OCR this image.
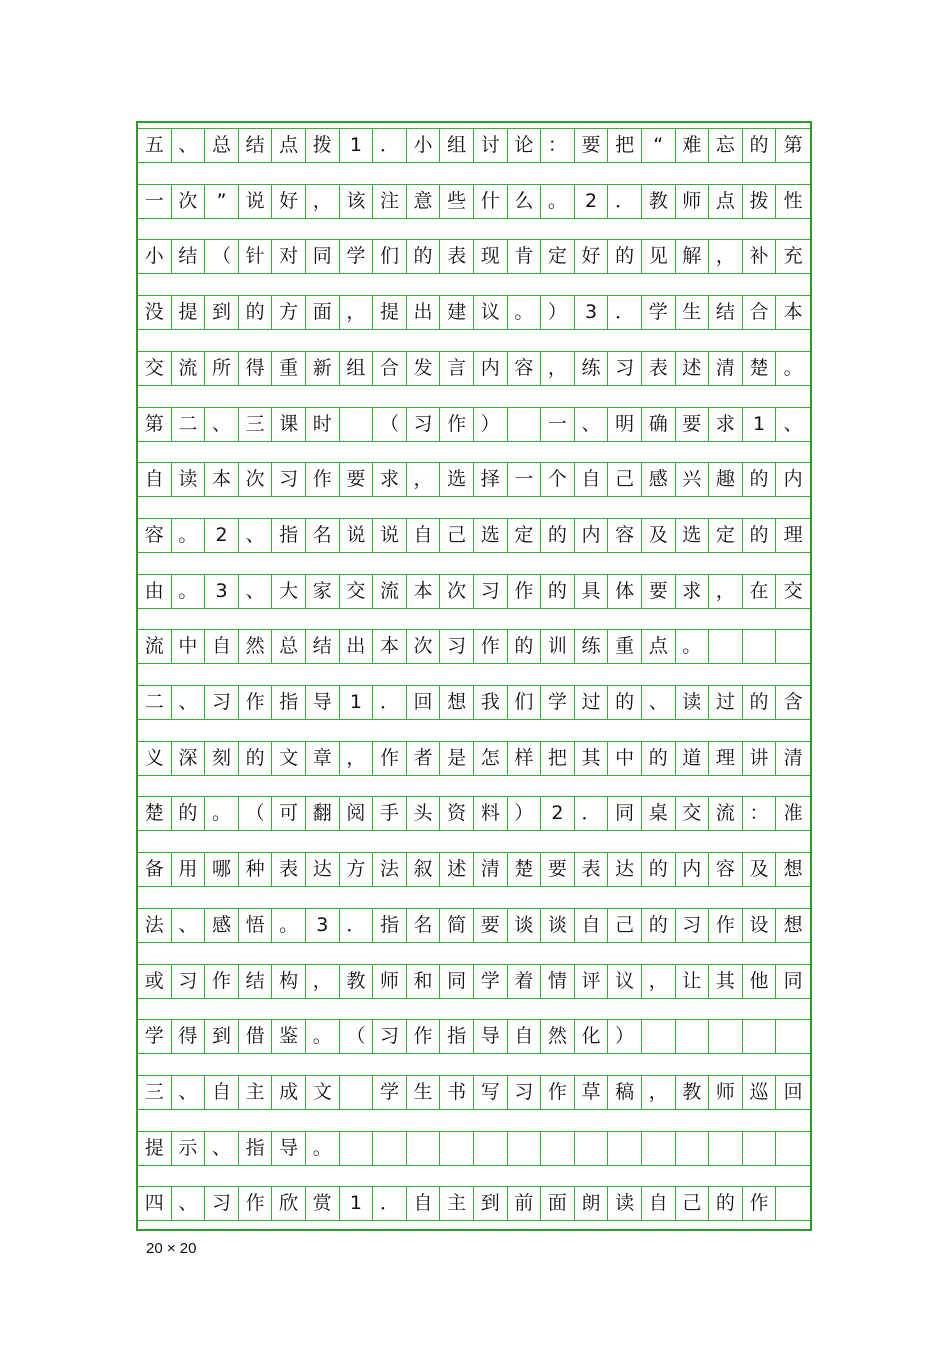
五 、 总 结 点 拨 1 ． 小 组 讨 论 ： 要 把	“	难 忘 的 第
一 次	”	说 好 ， 该 注 意 些 什 么 。 2 ． 教 师 点 拨 性
小 结 （ 针 对 同 学 们 的 表 现 肯 定 好 的 见 解 ， 补 充
没 提 到 的 方 面 ， 提 出 建 议 。 ） 3 ． 学 生 结 合 本
交 流 所 得 重 新 组 合 发 言 内 容 ， 练 习 表 述 清 楚 。
第 二 、 三 课 时	（ 习 作 ）	一 、 明 确 要 求 1 、
自 读 本 次 习 作 要 求 ， 选 择 一 个 自 己 感 兴 趣 的 内
容 。 2 、 指 名 说 说 自 己 选 定 的 内 容 及 选 定 的 理
由 。 3 、 大 家 交 流 本 次 习 作 的 具 体 要 求 ， 在 交
流 中 自 然 总 结 出 本 次 习 作 的 训 练 重 点 。
二 、 习 作 指 导 1 ． 回 想 我 们 学 过 的 、 读 过 的 含
义 深 刻 的 文 章 ， 作 者 是 怎 样 把 其 中 的 道 理 讲 清
楚 的 。 （ 可 翻 阅 手 头 资 料 ） 2 ． 同 桌 交 流 ： 准
备 用 哪 种 表 达 方 法 叙 述 清 楚 要 表 达 的 内 容 及 想
法 、 感 悟 。 3 ． 指 名 简 要 谈 谈 自 己 的 习 作 设 想
或 习 作 结 构 ， 教 师 和 同 学 着 情 评 议 ， 让 其 他 同
学 得 到 借 鉴 。 （ 习 作 指 导 自 然 化 ）
三 、 自 主 成 文	学 生 书 写 习 作 草 稿 ， 教 师 巡 回
提 示 、 指 导 。
四 、 习 作 欣 赏 1 ． 自 主 到 前 面 朗 读 自 己 的 作
20 × 20
